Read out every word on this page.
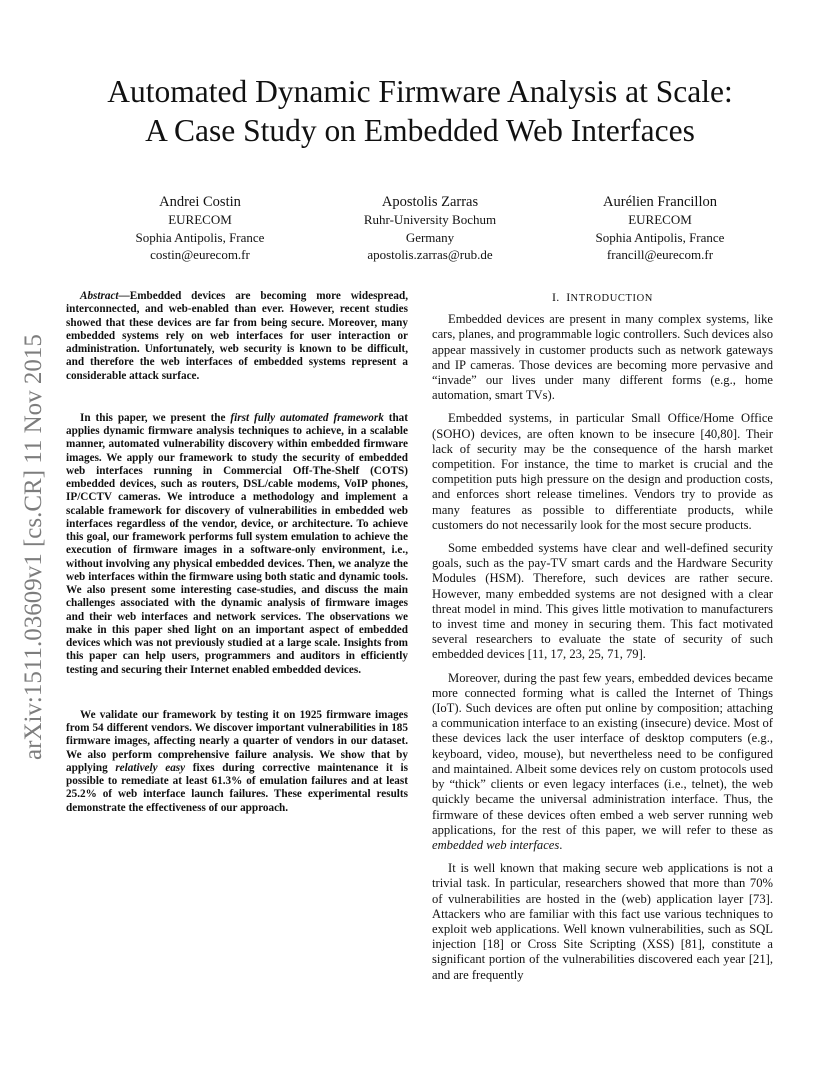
arXiv:1511.03609v1 [cs.CR] 11 Nov 2015
Automated Dynamic Firmware Analysis at Scale:
A Case Study on Embedded Web Interfaces
Andrei Costin
EURECOM
Sophia Antipolis, France
costin@eurecom.fr
Apostolis Zarras
Ruhr-University Bochum
Germany
apostolis.zarras@rub.de
Aurélien Francillon
EURECOM
Sophia Antipolis, France
francill@eurecom.fr

Abstract—Embedded devices are becoming more widespread, interconnected, and web-enabled than ever. However, recent studies showed that these devices are far from being secure. Moreover, many embedded systems rely on web interfaces for user interaction or administration. Unfortunately, web security is known to be difficult, and therefore the web interfaces of embedded systems represent a considerable attack surface.

In this paper, we present the first fully automated framework that applies dynamic firmware analysis techniques to achieve, in a scalable manner, automated vulnerability discovery within embedded firmware images. We apply our framework to study the security of embedded web interfaces running in Commercial Off-The-Shelf (COTS) embedded devices, such as routers, DSL/cable modems, VoIP phones, IP/CCTV cameras. We introduce a methodology and implement a scalable framework for discovery of vulnerabilities in embedded web interfaces regardless of the vendor, device, or architecture. To achieve this goal, our framework performs full system emulation to achieve the execution of firmware images in a software-only environment, i.e., without involving any physical embedded devices. Then, we analyze the web interfaces within the firmware using both static and dynamic tools. We also present some interesting case-studies, and discuss the main challenges associated with the dynamic analysis of firmware images and their web interfaces and network services. The observations we make in this paper shed light on an important aspect of embedded devices which was not previously studied at a large scale. Insights from this paper can help users, programmers and auditors in efficiently testing and securing their Internet enabled embedded devices.

We validate our framework by testing it on 1925 firmware images from 54 different vendors. We discover important vulnerabilities in 185 firmware images, affecting nearly a quarter of vendors in our dataset. We also perform comprehensive failure analysis. We show that by applying relatively easy fixes during corrective maintenance it is possible to remediate at least 61.3% of emulation failures and at least 25.2% of web interface launch failures. These experimental results demonstrate the effectiveness of our approach.

I. INTRODUCTION

Embedded devices are present in many complex systems, like cars, planes, and programmable logic controllers. Such devices also appear massively in customer products such as network gateways and IP cameras. Those devices are becoming more pervasive and “invade” our lives under many different forms (e.g., home automation, smart TVs).

Embedded systems, in particular Small Office/Home Office (SOHO) devices, are often known to be insecure [40,80]. Their lack of security may be the consequence of the harsh market competition. For instance, the time to market is crucial and the competition puts high pressure on the design and production costs, and enforces short release timelines. Vendors try to provide as many features as possible to differentiate products, while customers do not necessarily look for the most secure products.

Some embedded systems have clear and well-defined security goals, such as the pay-TV smart cards and the Hardware Security Modules (HSM). Therefore, such devices are rather secure. However, many embedded systems are not designed with a clear threat model in mind. This gives little motivation to manufacturers to invest time and money in securing them. This fact motivated several researchers to evaluate the state of security of such embedded devices [11, 17, 23, 25, 71, 79].

Moreover, during the past few years, embedded devices became more connected forming what is called the Internet of Things (IoT). Such devices are often put online by composition; attaching a communication interface to an existing (insecure) device. Most of these devices lack the user interface of desktop computers (e.g., keyboard, video, mouse), but nevertheless need to be configured and maintained. Albeit some devices rely on custom protocols used by “thick” clients or even legacy interfaces (i.e., telnet), the web quickly became the universal administration interface. Thus, the firmware of these devices often embed a web server running web applications, for the rest of this paper, we will refer to these as embedded web interfaces.

It is well known that making secure web applications is not a trivial task. In particular, researchers showed that more than 70% of vulnerabilities are hosted in the (web) application layer [73]. Attackers who are familiar with this fact use various techniques to exploit web applications. Well known vulnerabilities, such as SQL injection [18] or Cross Site Scripting (XSS) [81], constitute a significant portion of the vulnerabilities discovered each year [21], and are frequently
